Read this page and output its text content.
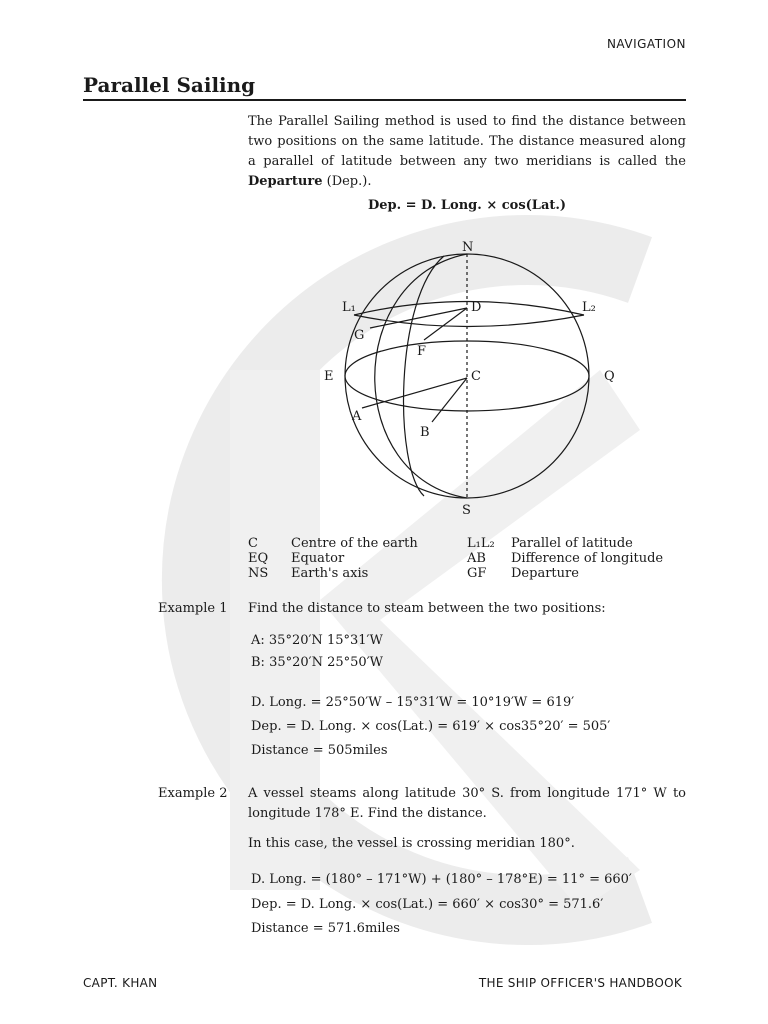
NAVIGATION
Parallel Sailing
The Parallel Sailing method is used to find the distance between two positions on the same latitude. The distance measured along a parallel of latitude between any two meridians is called the Departure (Dep.).
Dep. = D. Long. × cos(Lat.)
N
S
E	Q
L₁	L₂
G
D
F
C
A
B
C	Centre of the earth
EQ	Equator
NS	Earth's axis
L₁L₂	Parallel of latitude
AB	Difference of longitude
GF	Departure
Example 1 Find the distance to steam between the two positions:
A: 35°20′N 15°31′W
B: 35°20′N 25°50′W
D. Long. = 25°50′W – 15°31′W = 10°19′W = 619′
Dep. = D. Long. × cos(Lat.) = 619′ × cos35°20′ = 505′
Distance = 505miles
Example 2 A vessel steams along latitude 30° S. from longitude 171° W to longitude 178° E. Find the distance.
In this case, the vessel is crossing meridian 180°.
D. Long. = (180° – 171°W) + (180° – 178°E) = 11° = 660′
Dep. = D. Long. × cos(Lat.) = 660′ × cos30° = 571.6′
Distance = 571.6miles
CAPT. KHAN	THE SHIP OFFICER'S HANDBOOK
